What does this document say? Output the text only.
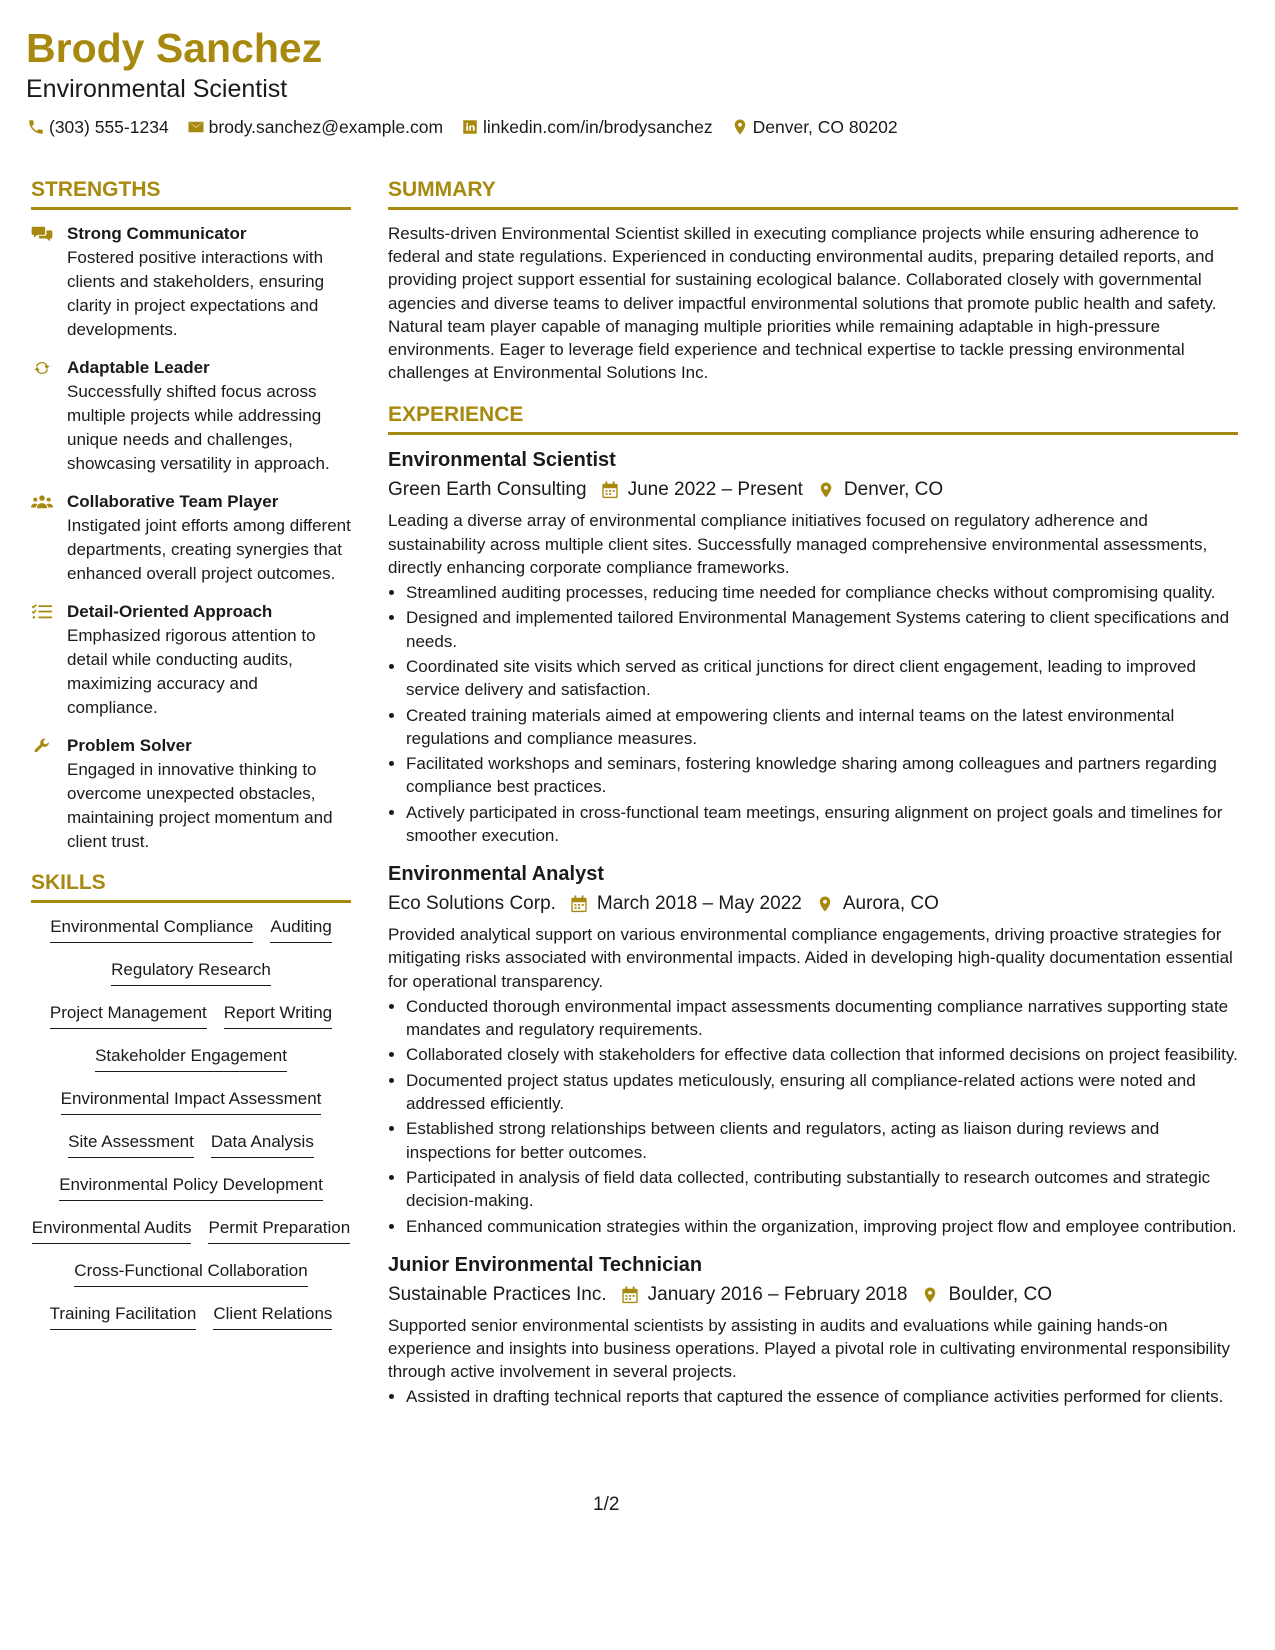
Brody Sanchez
Environmental Scientist
(303) 555-1234 brody.sanchez@example.com linkedin.com/in/brodysanchez Denver, CO 80202
STRENGTHS
Strong Communicator
Fostered positive interactions with clients and stakeholders, ensuring clarity in project expectations and developments.
Adaptable Leader
Successfully shifted focus across multiple projects while addressing unique needs and challenges, showcasing versatility in approach.
Collaborative Team Player
Instigated joint efforts among different departments, creating synergies that enhanced overall project outcomes.
Detail-Oriented Approach
Emphasized rigorous attention to detail while conducting audits, maximizing accuracy and compliance.
Problem Solver
Engaged in innovative thinking to overcome unexpected obstacles, maintaining project momentum and client trust.
SKILLS
Environmental Compliance Auditing
Regulatory Research
Project Management Report Writing
Stakeholder Engagement
Environmental Impact Assessment
Site Assessment Data Analysis
Environmental Policy Development
Environmental Audits Permit Preparation
Cross-Functional Collaboration
Training Facilitation Client Relations
SUMMARY

Results-driven Environmental Scientist skilled in executing compliance projects while ensuring adherence to federal and state regulations. Experienced in conducting environmental audits, preparing detailed reports, and providing project support essential for sustaining ecological balance. Collaborated closely with governmental agencies and diverse teams to deliver impactful environmental solutions that promote public health and safety. Natural team player capable of managing multiple priorities while remaining adaptable in high-pressure environments. Eager to leverage field experience and technical expertise to tackle pressing environmental challenges at Environmental Solutions Inc.

EXPERIENCE
Environmental Scientist
Green Earth Consulting June 2022 – Present Denver, CO
Leading a diverse array of environmental compliance initiatives focused on regulatory adherence and sustainability across multiple client sites. Successfully managed comprehensive environmental assessments, directly enhancing corporate compliance frameworks.
• Streamlined auditing processes, reducing time needed for compliance checks without compromising quality.
• Designed and implemented tailored Environmental Management Systems catering to client specifications and needs.
• Coordinated site visits which served as critical junctions for direct client engagement, leading to improved service delivery and satisfaction.
• Created training materials aimed at empowering clients and internal teams on the latest environmental regulations and compliance measures.
• Facilitated workshops and seminars, fostering knowledge sharing among colleagues and partners regarding compliance best practices.
• Actively participated in cross-functional team meetings, ensuring alignment on project goals and timelines for smoother execution.
Environmental Analyst
Eco Solutions Corp. March 2018 – May 2022 Aurora, CO
Provided analytical support on various environmental compliance engagements, driving proactive strategies for mitigating risks associated with environmental impacts. Aided in developing high-quality documentation essential for operational transparency.
• Conducted thorough environmental impact assessments documenting compliance narratives supporting state mandates and regulatory requirements.
• Collaborated closely with stakeholders for effective data collection that informed decisions on project feasibility.
• Documented project status updates meticulously, ensuring all compliance-related actions were noted and addressed efficiently.
• Established strong relationships between clients and regulators, acting as liaison during reviews and inspections for better outcomes.
• Participated in analysis of field data collected, contributing substantially to research outcomes and strategic decision-making.
• Enhanced communication strategies within the organization, improving project flow and employee contribution.
Junior Environmental Technician
Sustainable Practices Inc. January 2016 – February 2018 Boulder, CO
Supported senior environmental scientists by assisting in audits and evaluations while gaining hands-on experience and insights into business operations. Played a pivotal role in cultivating environmental responsibility through active involvement in several projects.
• Assisted in drafting technical reports that captured the essence of compliance activities performed for clients.
1/2
